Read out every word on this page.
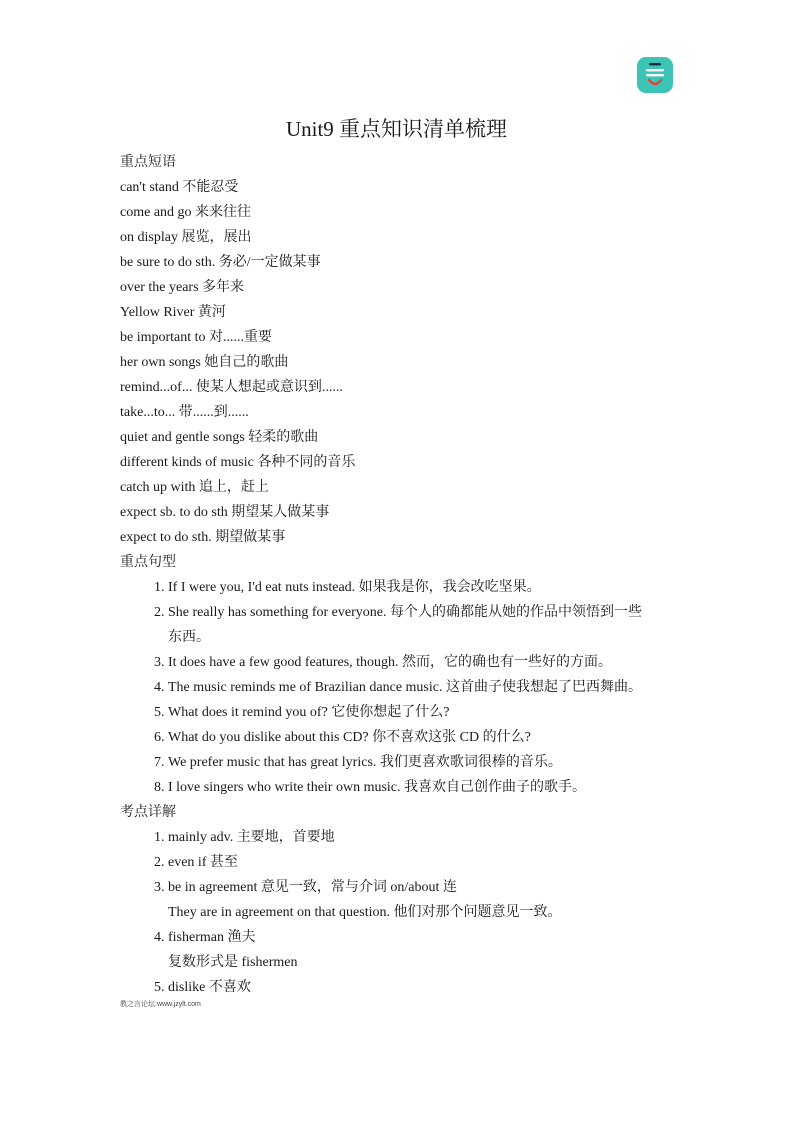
Unit9 重点知识清单梳理
重点短语
can't stand 不能忍受
come and go 来来往往
on display 展览，展出
be sure to do sth. 务必/一定做某事
over the years 多年来
Yellow River 黄河
be important to 对......重要
her own songs 她自己的歌曲
remind...of... 使某人想起或意识到......
take...to... 带......到......
quiet and gentle songs 轻柔的歌曲
different kinds of music 各种不同的音乐
catch up with 追上，赶上
expect sb. to do sth 期望某人做某事
expect to do sth. 期望做某事
重点句型
1. If I were you, I'd eat nuts instead. 如果我是你，我会改吃坚果。
2. She really has something for everyone. 每个人的确都能从她的作品中领悟到一些
东西。
3. It does have a few good features, though. 然而，它的确也有一些好的方面。
4. The music reminds me of Brazilian dance music. 这首曲子使我想起了巴西舞曲。
5. What does it remind you of? 它使你想起了什么?
6. What do you dislike about this CD? 你不喜欢这张 CD 的什么?
7. We prefer music that has great lyrics. 我们更喜欢歌词很棒的音乐。
8. I love singers who write their own music. 我喜欢自己创作曲子的歌手。
考点详解
1. mainly adv. 主要地，首要地
2. even if 甚至
3. be in agreement 意见一致，常与介词 on/about 连
They are in agreement on that question. 他们对那个问题意见一致。
4. fisherman 渔夫
复数形式是 fishermen
5. dislike 不喜欢
教之言论坛:www.jzylt.com
